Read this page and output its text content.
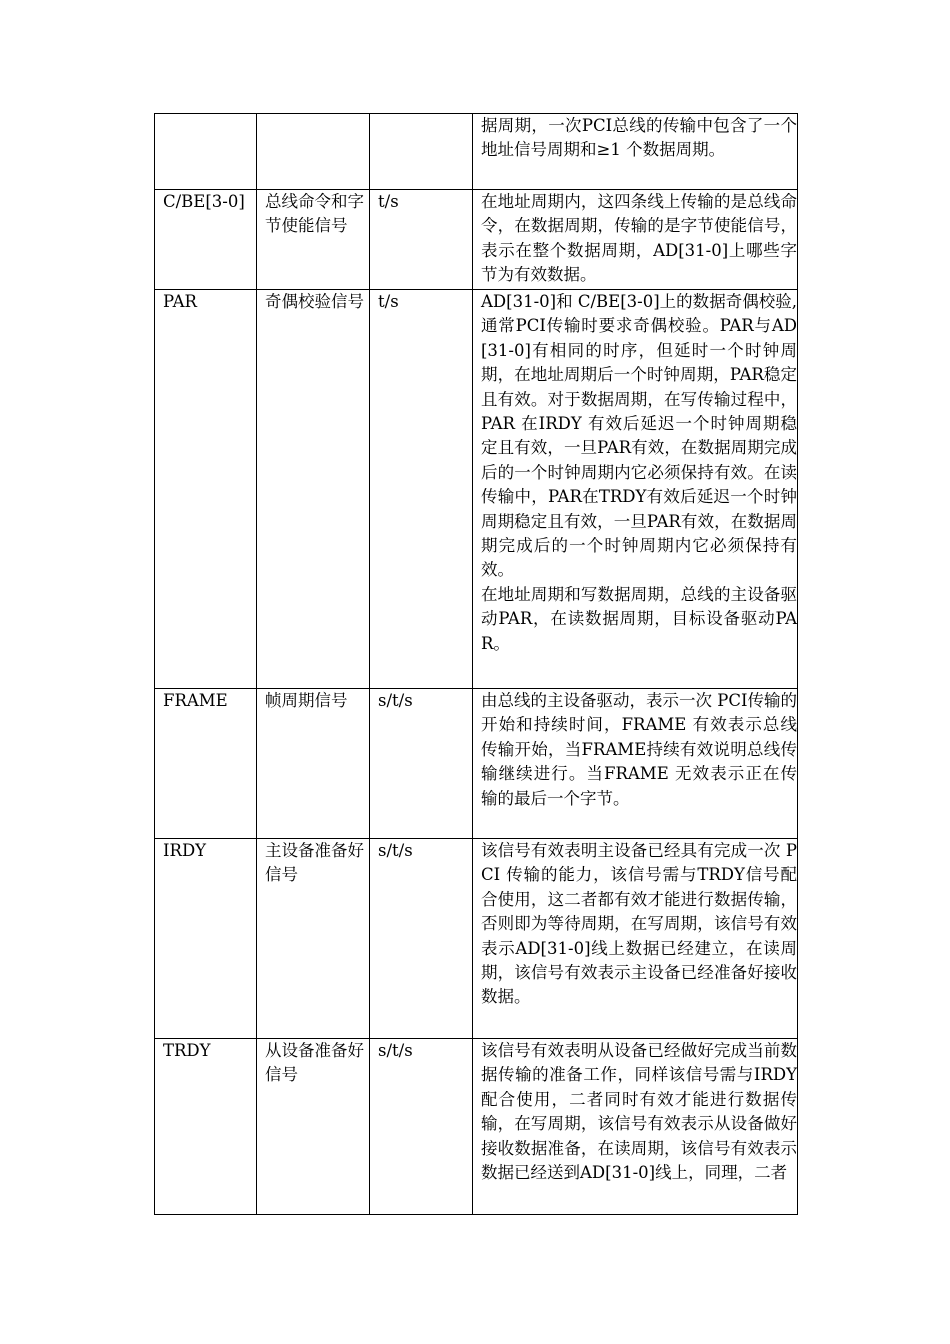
			据周期，一次PCI总线的传输中包含了一个地址信号周期和≥1 个数据周期。

C/BE[3-0]	总线命令和字节使能信号	t/s	在地址周期内，这四条线上传输的是总线命令，在数据周期，传输的是字节使能信号，表示在整个数据周期，AD[31-0]上哪些字节为有效数据。

PAR	奇偶校验信号	t/s	AD[31-0]和 C/BE[3-0]上的数据奇偶校验,通常PCI传输时要求奇偶校验。PAR与AD[31-0]有相同的时序，但延时一个时钟周期，在地址周期后一个时钟周期，PAR稳定且有效。对于数据周期，在写传输过程中，PAR 在IRDY 有效后延迟一个时钟周期稳定且有效，一旦PAR有效，在数据周期完成后的一个时钟周期内它必须保持有效。在读传输中，PAR在TRDY有效后延迟一个时钟周期稳定且有效，一旦PAR有效，在数据周期完成后的一个时钟周期内它必须保持有效。
在地址周期和写数据周期，总线的主设备驱动PAR，在读数据周期，目标设备驱动PAR。

FRAME	帧周期信号	s/t/s	由总线的主设备驱动，表示一次 PCI传输的开始和持续时间，FRAME 有效表示总线传输开始，当FRAME持续有效说明总线传输继续进行。当FRAME 无效表示正在传输的最后一个字节。

IRDY	主设备准备好信号	s/t/s	该信号有效表明主设备已经具有完成一次 PCI 传输的能力，该信号需与TRDY信号配合使用，这二者都有效才能进行数据传输，否则即为等待周期，在写周期，该信号有效表示AD[31-0]线上数据已经建立，在读周期，该信号有效表示主设备已经准备好接收数据。

TRDY	从设备准备好信号	s/t/s	该信号有效表明从设备已经做好完成当前数据传输的准备工作，同样该信号需与IRDY配合使用，二者同时有效才能进行数据传输，在写周期，该信号有效表示从设备做好接收数据准备，在读周期，该信号有效表示数据已经送到AD[31-0]线上，同理，二者
